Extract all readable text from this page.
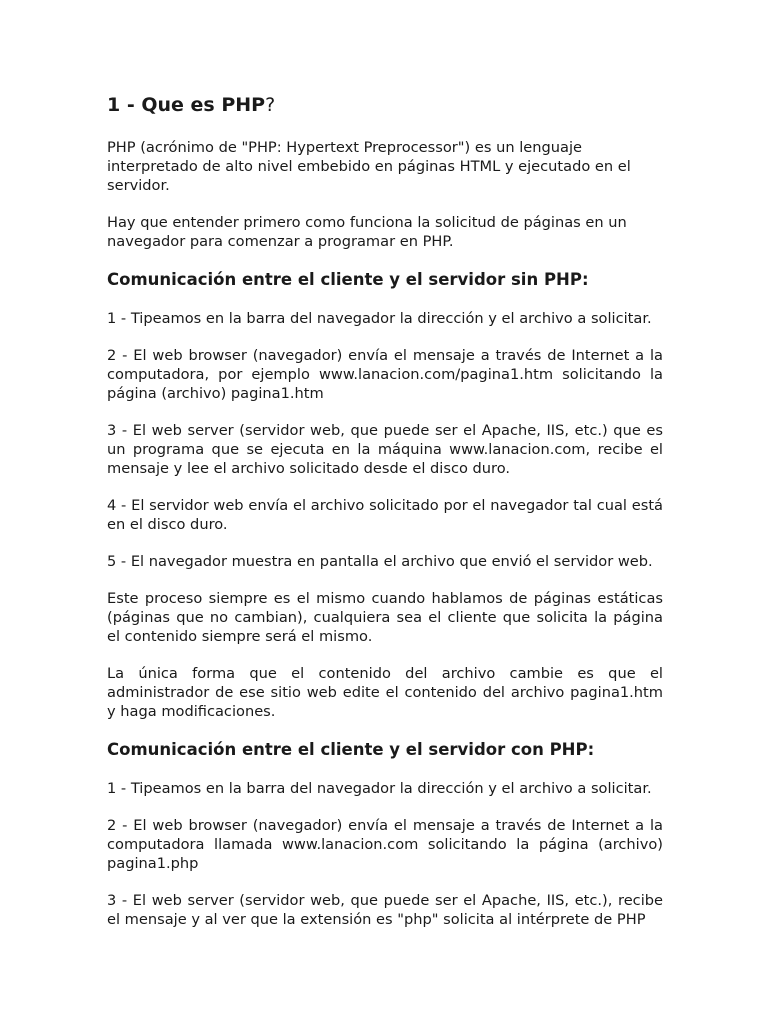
1 - Que es PHP?

PHP (acrónimo de "PHP: Hypertext Preprocessor") es un lenguaje interpretado de alto nivel embebido en páginas HTML y ejecutado en el servidor.

Hay que entender primero como funciona la solicitud de páginas en un navegador para comenzar a programar en PHP.

Comunicación entre el cliente y el servidor sin PHP:

1 - Tipeamos en la barra del navegador la dirección y el archivo a solicitar.

2 - El web browser (navegador) envía el mensaje a través de Internet a la computadora, por ejemplo www.lanacion.com/pagina1.htm solicitando la página (archivo) pagina1.htm

3 - El web server (servidor web, que puede ser el Apache, IIS, etc.) que es un programa que se ejecuta en la máquina www.lanacion.com, recibe el mensaje y lee el archivo solicitado desde el disco duro.

4 - El servidor web envía el archivo solicitado por el navegador tal cual está en el disco duro.

5 - El navegador muestra en pantalla el archivo que envió el servidor web.

Este proceso siempre es el mismo cuando hablamos de páginas estáticas (páginas que no cambian), cualquiera sea el cliente que solicita la página el contenido siempre será el mismo.

La única forma que el contenido del archivo cambie es que el administrador de ese sitio web edite el contenido del archivo pagina1.htm y haga modificaciones.

Comunicación entre el cliente y el servidor con PHP:

1 - Tipeamos en la barra del navegador la dirección y el archivo a solicitar.

2 - El web browser (navegador) envía el mensaje a través de Internet a la computadora llamada www.lanacion.com solicitando la página (archivo) pagina1.php

3 - El web server (servidor web, que puede ser el Apache, IIS, etc.), recibe el mensaje y al ver que la extensión es "php" solicita al intérprete de PHP
